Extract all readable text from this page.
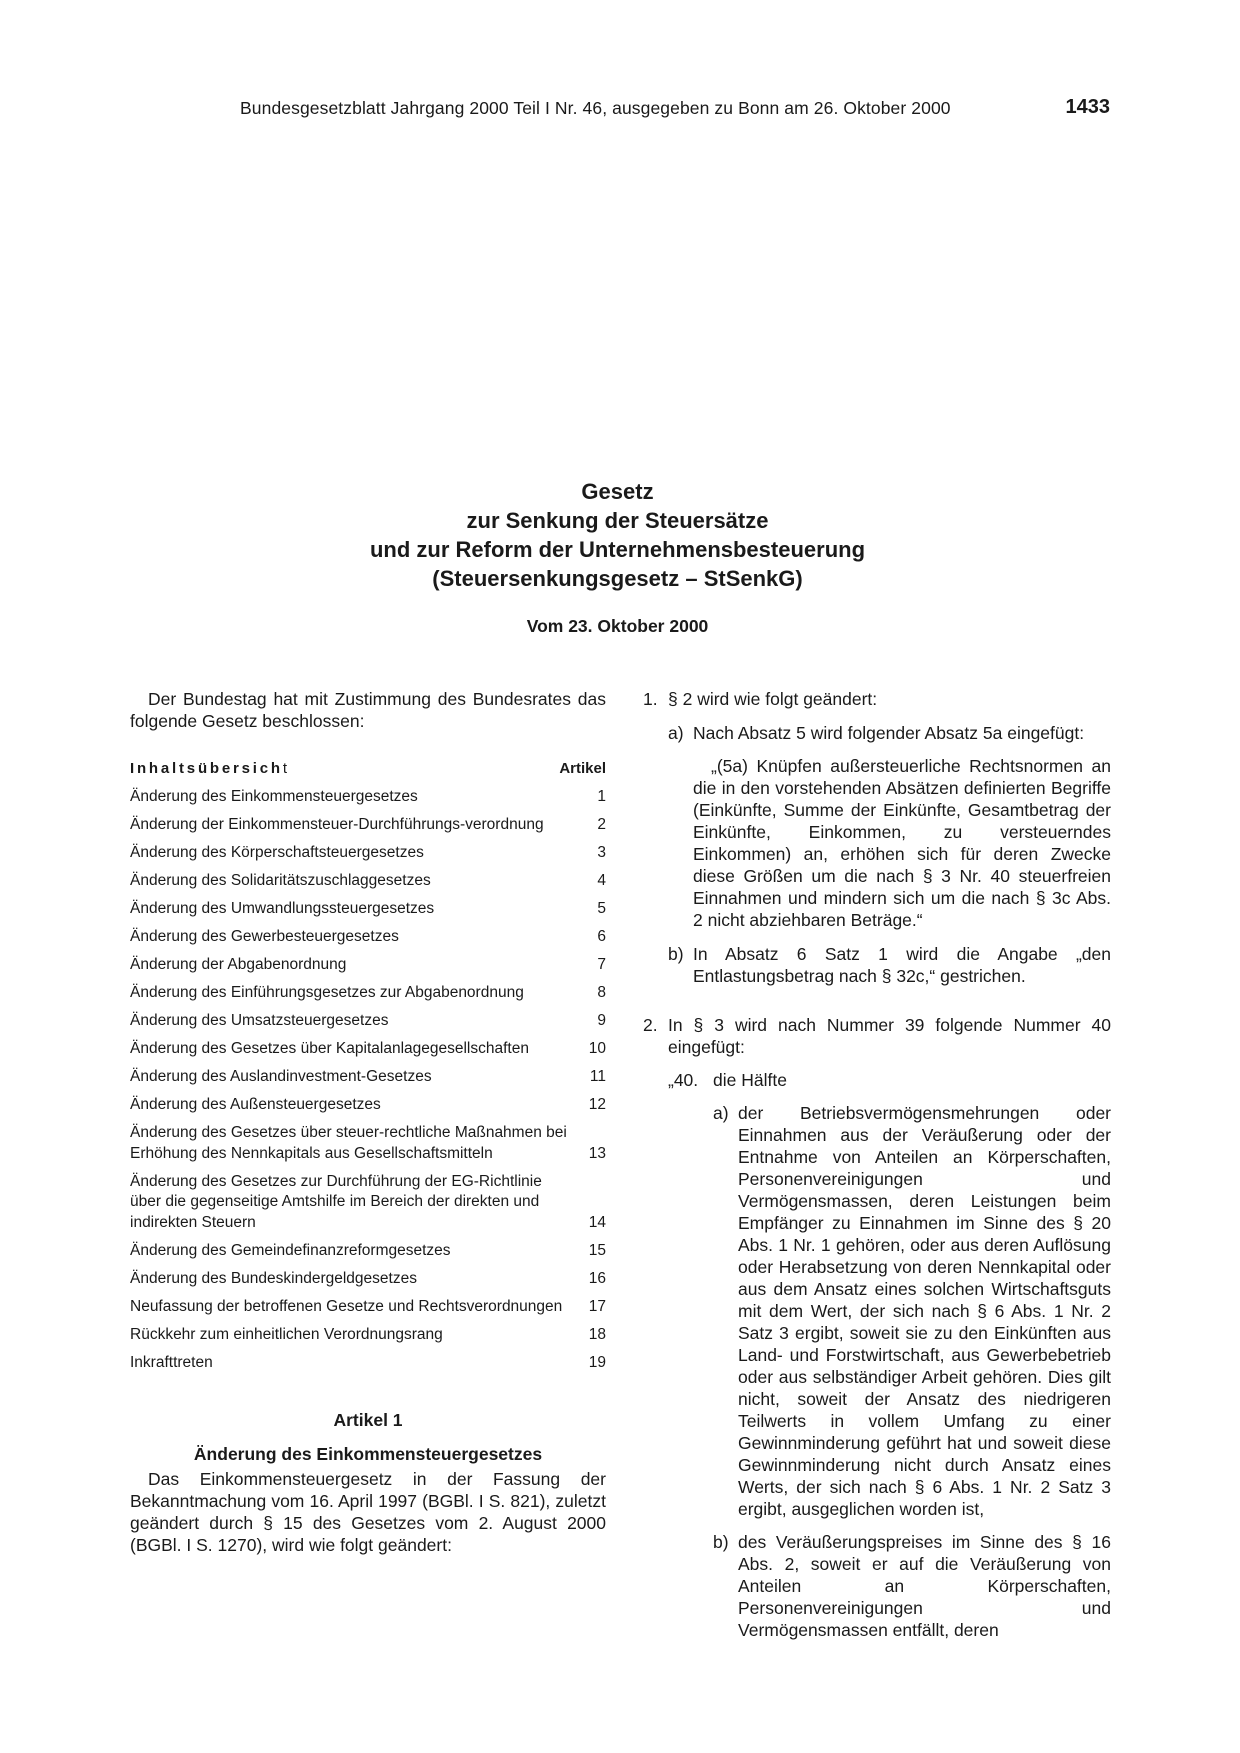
Bundesgesetzblatt Jahrgang 2000 Teil I Nr. 46, ausgegeben zu Bonn am 26. Oktober 2000	1433
Gesetz
zur Senkung der Steuersätze
und zur Reform der Unternehmensbesteuerung
(Steuersenkungsgesetz – StSenkG)
Vom 23. Oktober 2000

Der Bundestag hat mit Zustimmung des Bundesrates das folgende Gesetz beschlossen:

Inhaltsübersicht	Artikel
Änderung des Einkommensteuergesetzes	1
Änderung der Einkommensteuer-Durchführungs-verordnung	2
Änderung des Körperschaftsteuergesetzes	3
Änderung des Solidaritätszuschlaggesetzes	4
Änderung des Umwandlungssteuergesetzes	5
Änderung des Gewerbesteuergesetzes	6
Änderung der Abgabenordnung	7
Änderung des Einführungsgesetzes zur Abgabenordnung	8
Änderung des Umsatzsteuergesetzes	9
Änderung des Gesetzes über Kapitalanlagegesellschaften	10
Änderung des Auslandinvestment-Gesetzes	11
Änderung des Außensteuergesetzes	12
Änderung des Gesetzes über steuer-rechtliche Maßnahmen bei Erhöhung des Nennkapitals aus Gesellschaftsmitteln	13
Änderung des Gesetzes zur Durchführung der EG-Richtlinie über die gegenseitige Amtshilfe im Bereich der direkten und indirekten Steuern	14
Änderung des Gemeindefinanzreformgesetzes	15
Änderung des Bundeskindergeldgesetzes	16
Neufassung der betroffenen Gesetze und Rechtsverordnungen	17
Rückkehr zum einheitlichen Verordnungsrang	18
Inkrafttreten	19
Artikel 1
Änderung des Einkommensteuergesetzes

Das Einkommensteuergesetz in der Fassung der Bekanntmachung vom 16. April 1997 (BGBl. I S. 821), zuletzt geändert durch § 15 des Gesetzes vom 2. August 2000 (BGBl. I S. 1270), wird wie folgt geändert:

1. § 2 wird wie folgt geändert:

a) Nach Absatz 5 wird folgender Absatz 5a eingefügt:

„(5a) Knüpfen außersteuerliche Rechtsnormen an die in den vorstehenden Absätzen definierten Begriffe (Einkünfte, Summe der Einkünfte, Gesamtbetrag der Einkünfte, Einkommen, zu versteuerndes Einkommen) an, erhöhen sich für deren Zwecke diese Größen um die nach § 3 Nr. 40 steuerfreien Einnahmen und mindern sich um die nach § 3c Abs. 2 nicht abziehbaren Beträge.“

b) In Absatz 6 Satz 1 wird die Angabe „den Entlastungsbetrag nach § 32c,“ gestrichen.

2. In § 3 wird nach Nummer 39 folgende Nummer 40 eingefügt:

„40. die Hälfte

a) der Betriebsvermögensmehrungen oder Einnahmen aus der Veräußerung oder der Entnahme von Anteilen an Körperschaften, Personenvereinigungen und Vermögensmassen, deren Leistungen beim Empfänger zu Einnahmen im Sinne des § 20 Abs. 1 Nr. 1 gehören, oder aus deren Auflösung oder Herabsetzung von deren Nennkapital oder aus dem Ansatz eines solchen Wirtschaftsguts mit dem Wert, der sich nach § 6 Abs. 1 Nr. 2 Satz 3 ergibt, soweit sie zu den Einkünften aus Land- und Forstwirtschaft, aus Gewerbebetrieb oder aus selbständiger Arbeit gehören. Dies gilt nicht, soweit der Ansatz des niedrigeren Teilwerts in vollem Umfang zu einer Gewinnminderung geführt hat und soweit diese Gewinnminderung nicht durch Ansatz eines Werts, der sich nach § 6 Abs. 1 Nr. 2 Satz 3 ergibt, ausgeglichen worden ist,

b) des Veräußerungspreises im Sinne des § 16 Abs. 2, soweit er auf die Veräußerung von Anteilen an Körperschaften, Personenvereinigungen und Vermögensmassen entfällt, deren
